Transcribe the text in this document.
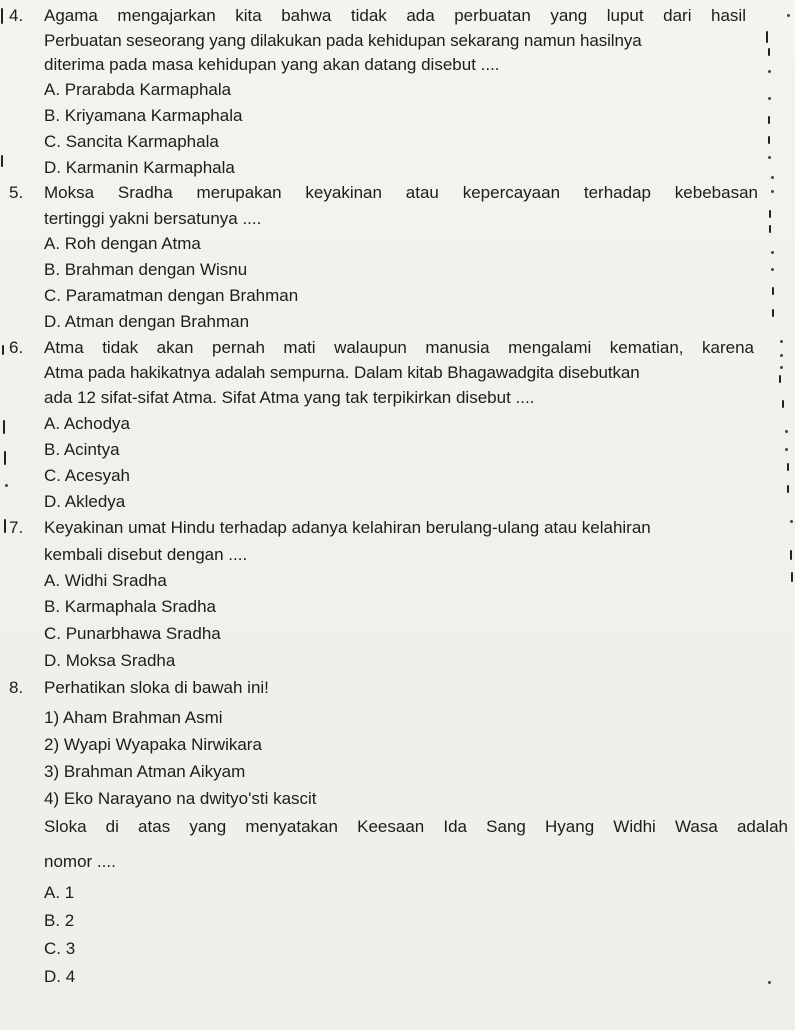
4. Agama mengajarkan kita bahwa tidak ada perbuatan yang luput dari hasil
Perbuatan seseorang yang dilakukan pada kehidupan sekarang namun hasilnya
diterima pada masa kehidupan yang akan datang disebut ....
A. Prarabda Karmaphala
B. Kriyamana Karmaphala
C. Sancita Karmaphala
D. Karmanin Karmaphala
5. Moksa Sradha merupakan keyakinan atau kepercayaan terhadap kebebasan
tertinggi yakni bersatunya ....
A. Roh dengan Atma
B. Brahman dengan Wisnu
C. Paramatman dengan Brahman
D. Atman dengan Brahman
6. Atma tidak akan pernah mati walaupun manusia mengalami kematian, karena
Atma pada hakikatnya adalah sempurna. Dalam kitab Bhagawadgita disebutkan
ada 12 sifat-sifat Atma. Sifat Atma yang tak terpikirkan disebut ....
A. Achodya
B. Acintya
C. Acesyah
D. Akledya
7. Keyakinan umat Hindu terhadap adanya kelahiran berulang-ulang atau kelahiran
kembali disebut dengan ....
A. Widhi Sradha
B. Karmaphala Sradha
C. Punarbhawa Sradha
D. Moksa Sradha
8. Perhatikan sloka di bawah ini!
1) Aham Brahman Asmi
2) Wyapi Wyapaka Nirwikara
3) Brahman Atman Aikyam
4) Eko Narayano na dwityo'sti kascit
Sloka di atas yang menyatakan Keesaan Ida Sang Hyang Widhi Wasa adalah
nomor ....
A. 1
B. 2
C. 3
D. 4
